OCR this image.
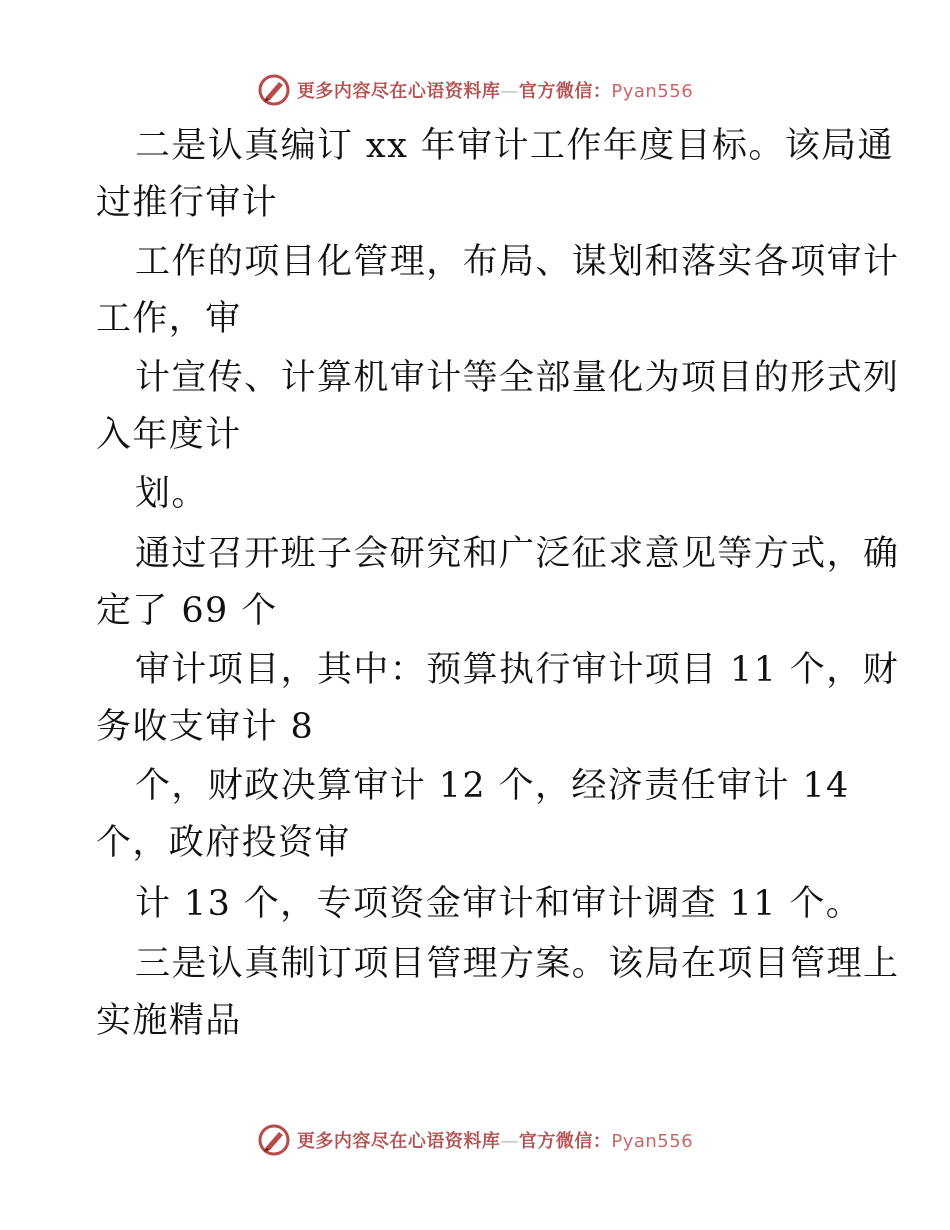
更多内容尽在心语资料库—官方微信：Pyan556
二是认真编订 xx 年审计工作年度目标。该局通
过推行审计
工作的项目化管理，布局、谋划和落实各项审计
工作，审
计宣传、计算机审计等全部量化为项目的形式列
入年度计
划。
通过召开班子会研究和广泛征求意见等方式，确
定了 69 个
审计项目，其中：预算执行审计项目 11 个，财
务收支审计 8
个，财政决算审计 12 个，经济责任审计 14
个，政府投资审
计 13 个，专项资金审计和审计调查 11 个。
三是认真制订项目管理方案。该局在项目管理上
实施精品
更多内容尽在心语资料库—官方微信：Pyan556
